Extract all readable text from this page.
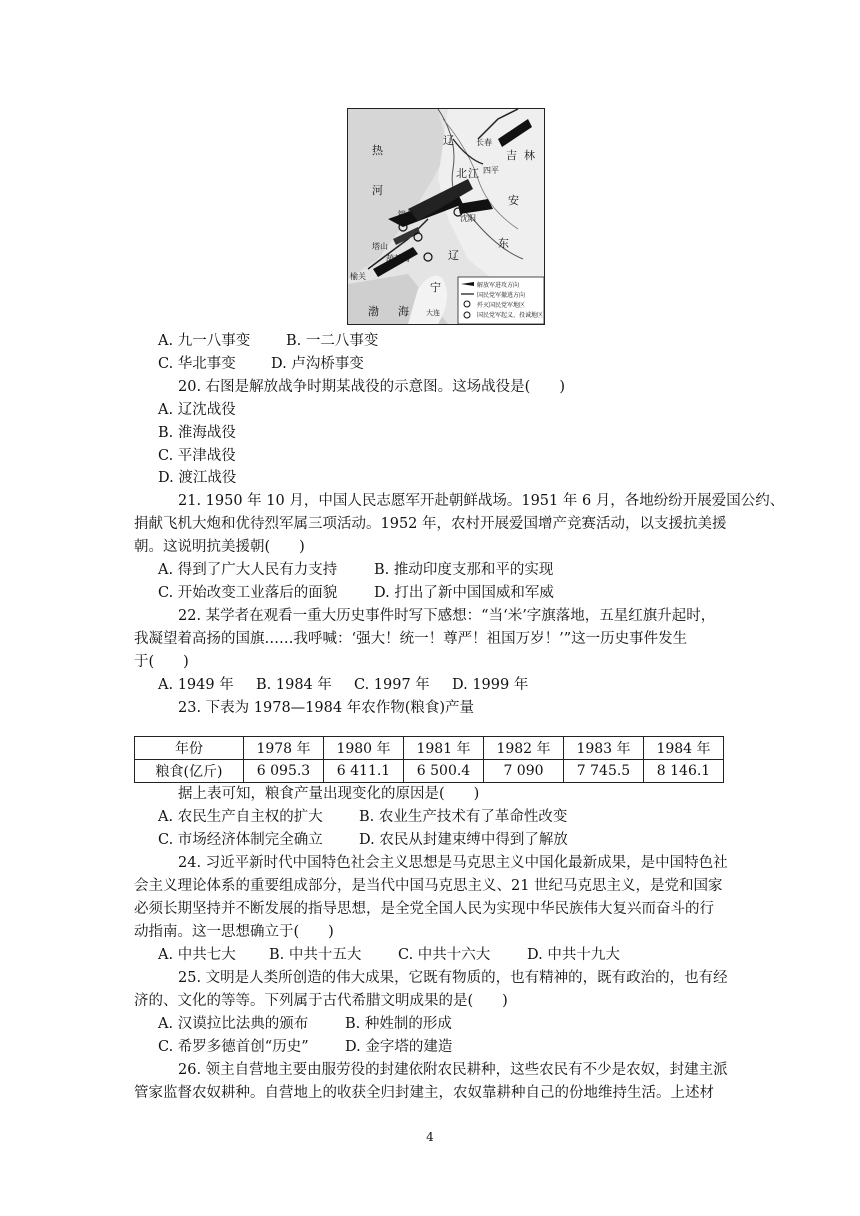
热
河
辽
北 江
长春
吉 林
四平
安
东
沈阳
锦州
塔山
葫芦岛
榆关
辽
宁
渤 海 大连
解放军进攻方向
国民党军撤逃方向
歼灭国民党军地区
国民党军起义、投诚地区
A. 九一八事变 B. 一二八事变
C. 华北事变 D. 卢沟桥事变
20. 右图是解放战争时期某战役的示意图。这场战役是(　　)
A. 辽沈战役
B. 淮海战役
C. 平津战役
D. 渡江战役
21. 1950 年 10 月，中国人民志愿军开赴朝鲜战场。1951 年 6 月，各地纷纷开展爱国公约、
捐献飞机大炮和优待烈军属三项活动。1952 年，农村开展爱国增产竞赛活动，以支援抗美援
朝。这说明抗美援朝(　　)
A. 得到了广大人民有力支持	B. 推动印度支那和平的实现
C. 开始改变工业落后的面貌	D. 打出了新中国国威和军威
22. 某学者在观看一重大历史事件时写下感想：“当‘米’字旗落地，五星红旗升起时，
我凝望着高扬的国旗……我呼喊：‘强大！统一！尊严！祖国万岁！’”这一历史事件发生
于(　　)
A. 1949 年 B. 1984 年 C. 1997 年 D. 1999 年
23. 下表为 1978—1984 年农作物(粮食)产量
年份	1978 年	1980 年	1981 年	1982 年	1983 年	1984 年
粮食(亿斤)	6 095.3	6 411.1	6 500.4	7 090	7 745.5	8 146.1
据上表可知，粮食产量出现变化的原因是(　　)
A. 农民生产自主权的扩大	B. 农业生产技术有了革命性改变
C. 市场经济体制完全确立 D. 农民从封建束缚中得到了解放
24. 习近平新时代中国特色社会主义思想是马克思主义中国化最新成果，是中国特色社
会主义理论体系的重要组成部分，是当代中国马克思主义、21 世纪马克思主义，是党和国家
必须长期坚持并不断发展的指导思想，是全党全国人民为实现中华民族伟大复兴而奋斗的行
动指南。这一思想确立于(　　)
A. 中共七大 B. 中共十五大	C. 中共十六大	D. 中共十九大
25. 文明是人类所创造的伟大成果，它既有物质的，也有精神的，既有政治的，也有经
济的、文化的等等。下列属于古代希腊文明成果的是(　　)
A. 汉谟拉比法典的颁布	B. 种姓制的形成
C. 希罗多德首创“历史”	D. 金字塔的建造
26. 领主自营地主要由服劳役的封建依附农民耕种，这些农民有不少是农奴，封建主派
管家监督农奴耕种。自营地上的收获全归封建主，农奴靠耕种自己的份地维持生活。上述材
4
